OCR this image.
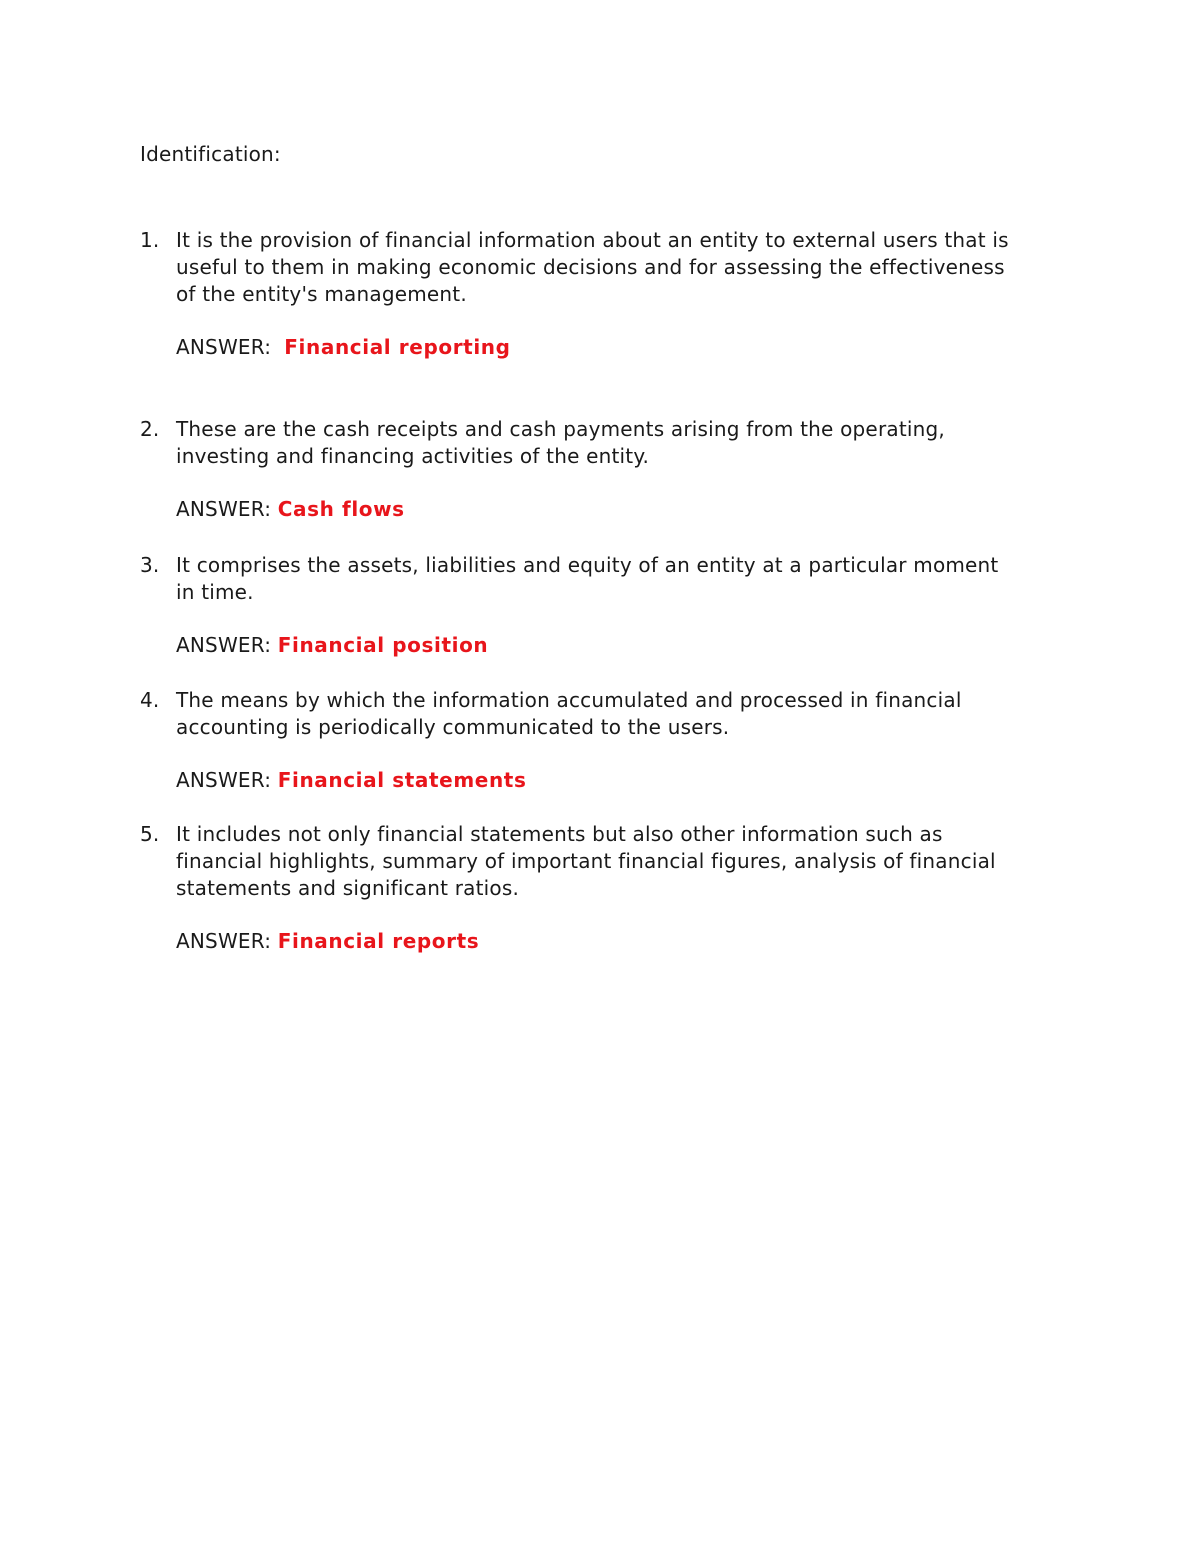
Identification:
1. It is the provision of financial information about an entity to external users that is
useful to them in making economic decisions and for assessing the effectiveness
of the entity's management.
ANSWER: Financial reporting
2. These are the cash receipts and cash payments arising from the operating,
investing and financing activities of the entity.
ANSWER: Cash flows
3. It comprises the assets, liabilities and equity of an entity at a particular moment
in time.
ANSWER: Financial position
4. The means by which the information accumulated and processed in financial
accounting is periodically communicated to the users.
ANSWER: Financial statements
5. It includes not only financial statements but also other information such as
financial highlights, summary of important financial figures, analysis of financial
statements and significant ratios.
ANSWER: Financial reports
